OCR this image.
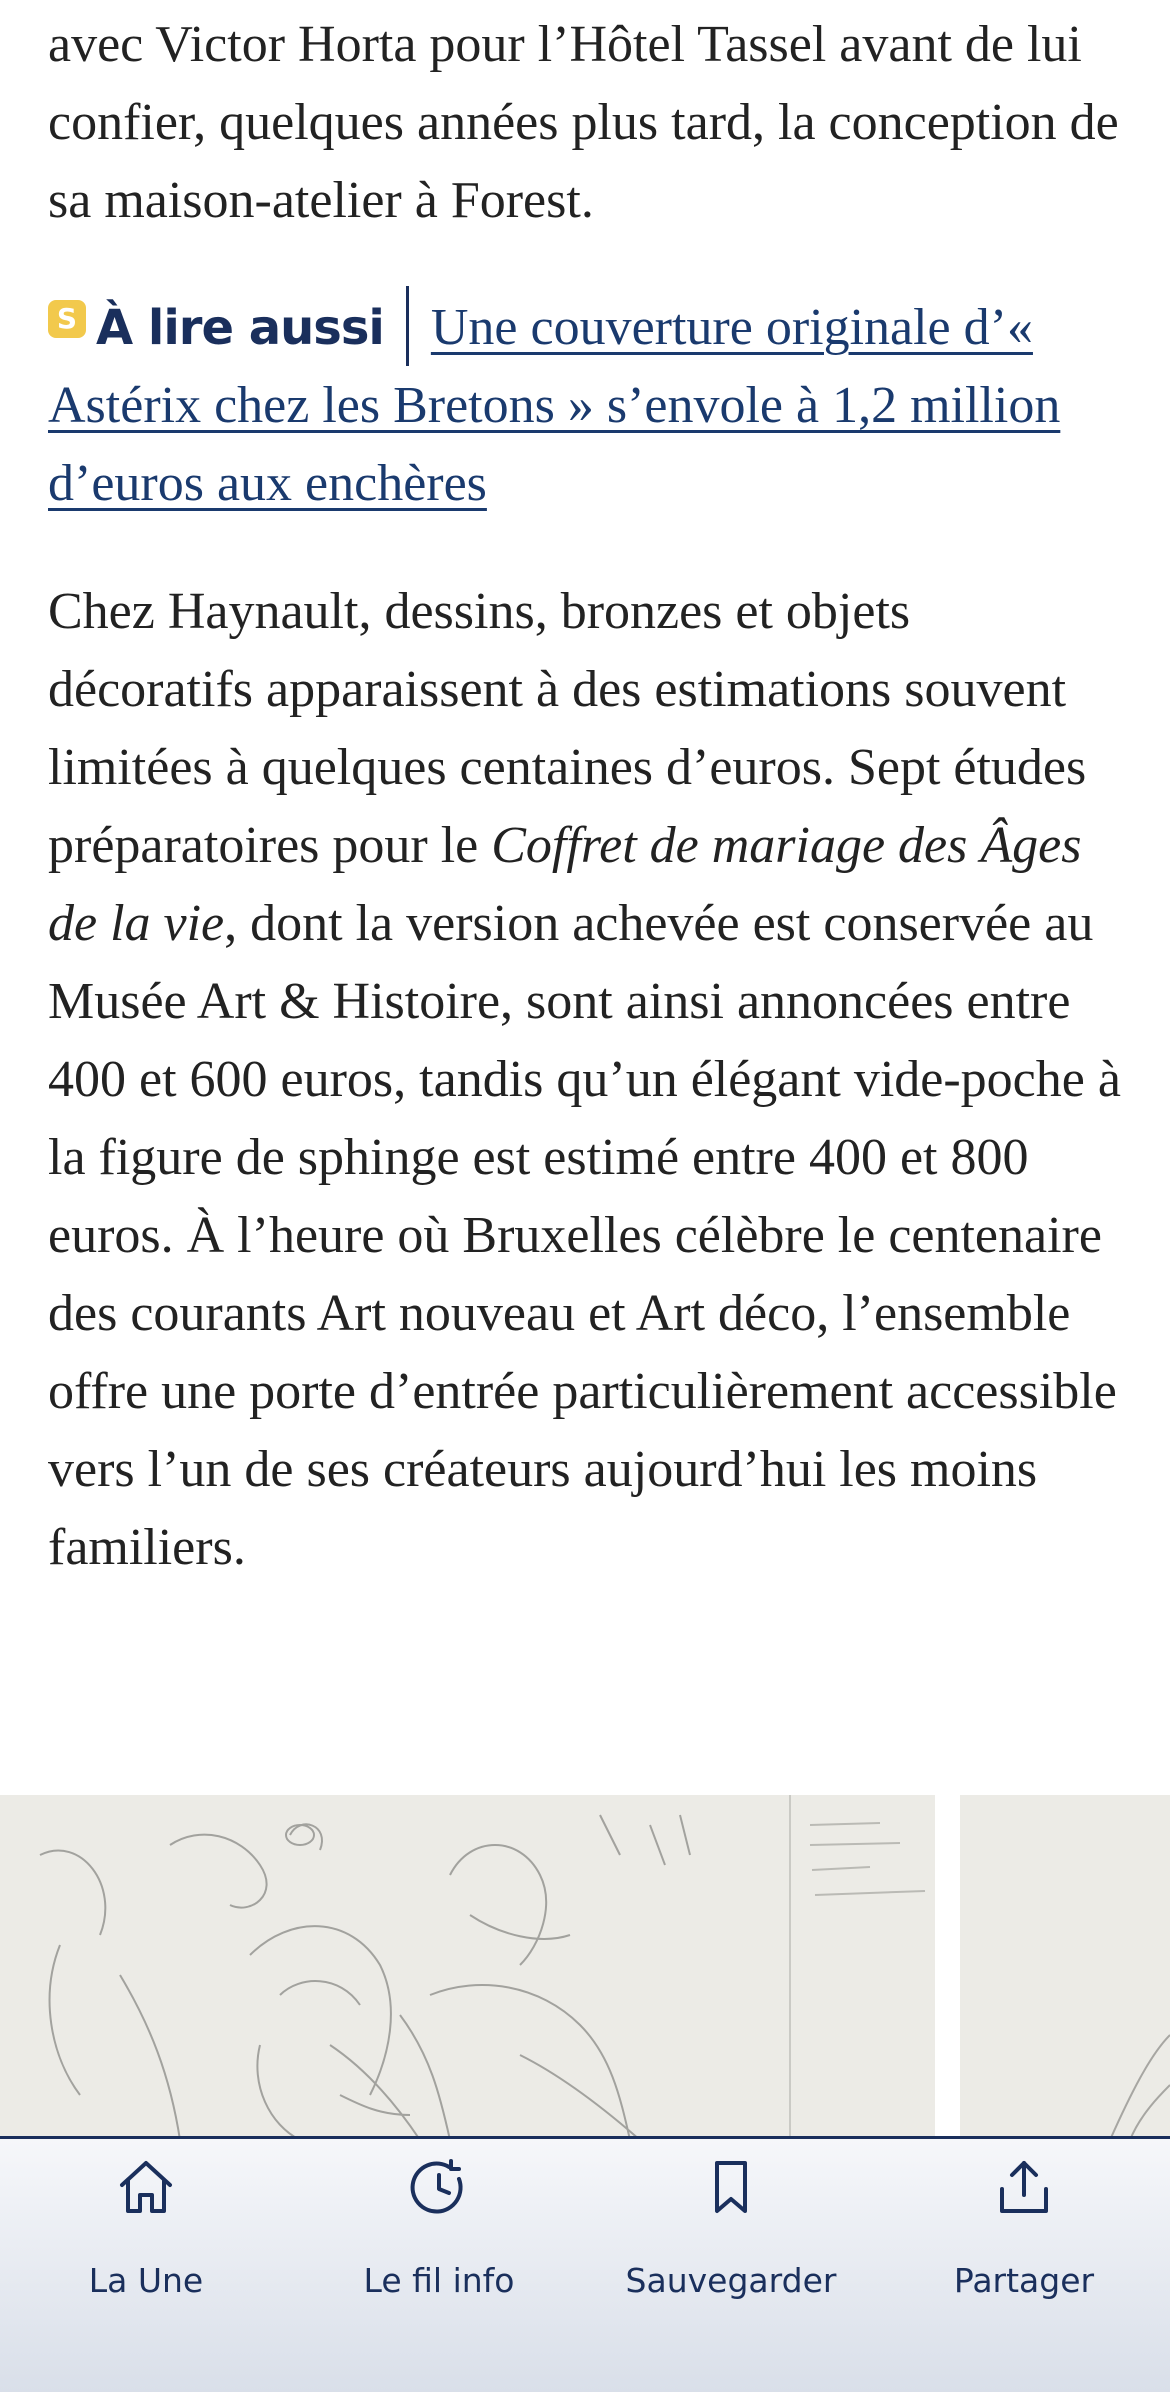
avec Victor Horta pour l’Hôtel Tassel avant de lui confier, quelques années plus tard, la conception de sa maison-atelier à Forest.

S À lire aussi Une couverture originale d’« Astérix chez les Bretons » s’envole à 1,2 million d’euros aux enchères

Chez Haynault, dessins, bronzes et objets décoratifs apparaissent à des estimations souvent limitées à quelques centaines d’euros. Sept études préparatoires pour le Coffret de mariage des Âges de la vie, dont la version achevée est conservée au Musée Art & Histoire, sont ainsi annoncées entre 400 et 600 euros, tandis qu’un élégant vide-poche à la figure de sphinge est estimé entre 400 et 800 euros. À l’heure où Bruxelles célèbre le centenaire des courants Art nouveau et Art déco, l’ensemble offre une porte d’entrée particulièrement accessible vers l’un de ses créateurs aujourd’hui les moins familiers.

La Une	Le fil info	Sauvegarder	Partager
